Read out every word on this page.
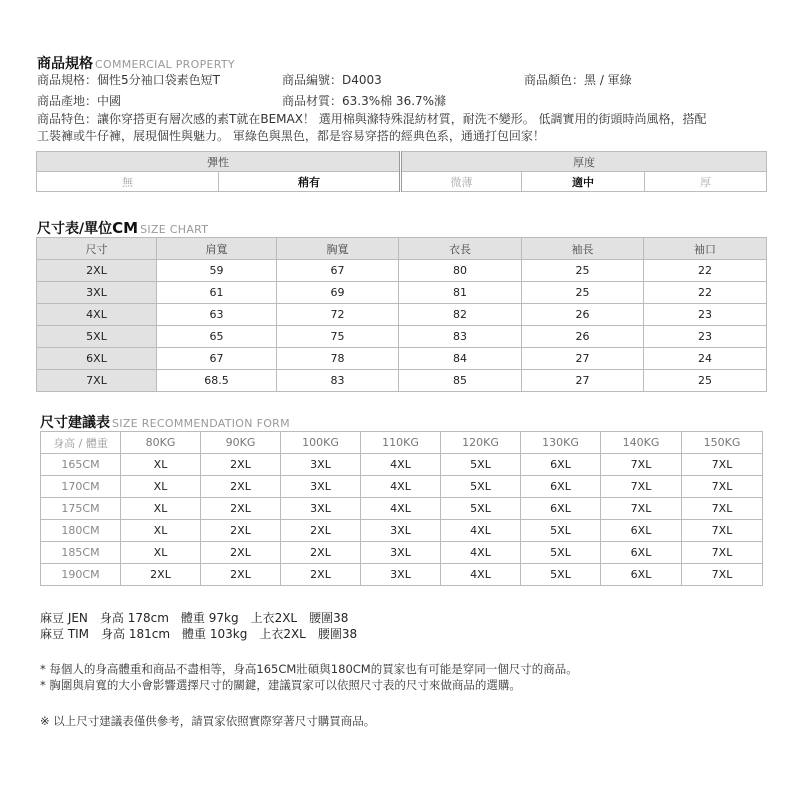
商品規格 COMMERCIAL PROPERTY
商品規格：個性5分袖口袋素色短T	商品編號：D4003	商品顏色：黑 / 軍綠
商品產地：中國	商品材質：63.3%棉 36.7%滌
商品特色：讓你穿搭更有層次感的素T就在BEMAX！ 選用棉與滌特殊混紡材質，耐洗不變形。 低調實用的街頭時尚風格，搭配
工裝褲或牛仔褲，展現個性與魅力。 軍綠色與黑色，都是容易穿搭的經典色系，通通打包回家！
彈性		厚度		
無	稍有	微薄	適中	厚
尺寸表/單位CM SIZE CHART
尺寸	肩寬	胸寬	衣長	袖長	袖口
2XL	59	67	80	25	22
3XL	61	69	81	25	22
4XL	63	72	82	26	23
5XL	65	75	83	26	23
6XL	67	78	84	27	24
7XL	68.5	83	85	27	25
尺寸建議表 SIZE RECOMMENDATION FORM
身高 / 體重	80KG	90KG	100KG	110KG	120KG	130KG	140KG	150KG
165CM	XL	2XL	3XL	4XL	5XL	6XL	7XL	7XL
170CM	XL	2XL	3XL	4XL	5XL	6XL	7XL	7XL
175CM	XL	2XL	3XL	4XL	5XL	6XL	7XL	7XL
180CM	XL	2XL	2XL	3XL	4XL	5XL	6XL	7XL
185CM	XL	2XL	2XL	3XL	4XL	5XL	6XL	7XL
190CM	2XL	2XL	2XL	3XL	4XL	5XL	6XL	7XL
麻豆 JEN　身高 178cm　體重 97kg　上衣2XL　腰圍38
麻豆 TIM　身高 181cm　體重 103kg　上衣2XL　腰圍38
* 每個人的身高體重和商品不盡相等，身高165CM壯碩與180CM的買家也有可能是穿同一個尺寸的商品。
* 胸圍與肩寬的大小會影響選擇尺寸的關鍵，建議買家可以依照尺寸表的尺寸來做商品的選購。
※ 以上尺寸建議表僅供參考，請買家依照實際穿著尺寸購買商品。
